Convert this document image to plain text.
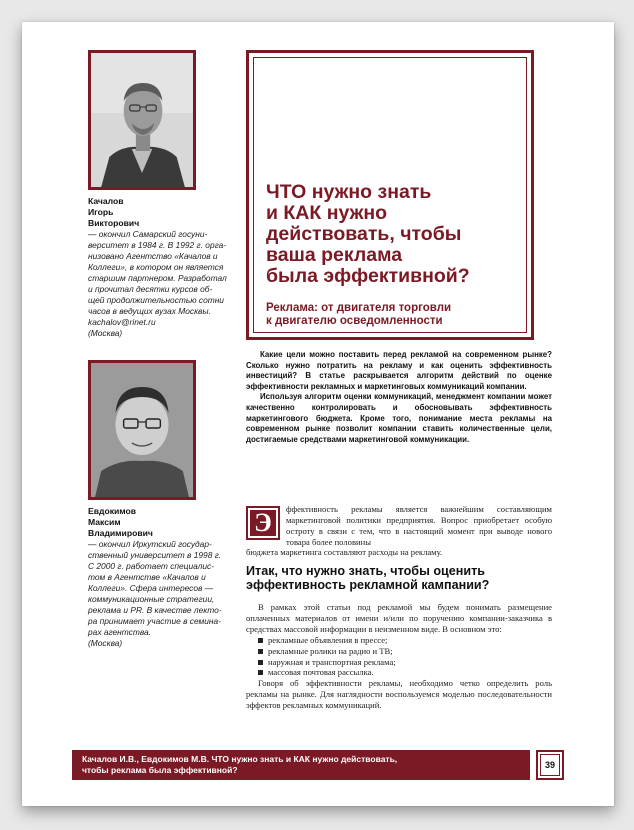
Качалов
Игорь
Викторович
— окончил Самарский госуни-
верситет в 1984 г. В 1992 г. орга-
низовано Агентство «Качалов и
Коллеги», в котором он является
старшим партнером. Разработал
и прочитал десятки курсов об-
щей продолжительностью сотни
часов в ведущих вузах Москвы.
kachalov@rinet.ru
(Москва)
Евдокимов
Максим
Владимирович
— окончил Иркутский государ-
ственный университет в 1998 г.
С 2000 г. работает специалис-
том в Агентстве «Качалов и
Коллеги». Сфера интересов —
коммуникационные стратегии,
реклама и PR. В качестве лекто-
ра принимает участие в семина-
рах агентства.
(Москва)
ЧТО нужно знать
и КАК нужно
действовать, чтобы
ваша реклама
была эффективной?
Реклама: от двигателя торговли
к двигателю осведомленности

Какие цели можно поставить перед рекламой на современном рынке? Сколько нужно потратить на рекламу и как оценить эффективность инвестиций? В статье раскрывается алгоритм действий по оценке эффективности рекламных и маркетинговых коммуникаций компании.

Используя алгоритм оценки коммуникаций, менеджмент компании может качественно контролировать и обосновывать эффективность маркетингового бюджета. Кроме того, понимание места рекламы на современном рынке позволит компании ставить количественные цели, достигаемые средствами маркетинговой коммуникации.

Э	ффективность рекламы является важнейшим составляющим маркетинговой политики предприятия. Вопрос приобретает особую остроту в связи с тем, что в настоящий момент при выводе нового товара более половины
бюджета маркетинга составляют расходы на рекламу.
Итак, что нужно знать, чтобы оценить
эффективность рекламной кампании?

В рамках этой статьи под рекламой мы будем понимать размещение оплаченных материалов от имени и/или по поручению компании-заказчика в средствах массовой информации в неизменном виде. В основном это:

рекламные объявления в прессе;
рекламные ролики на радио и ТВ;
наружная и транспортная реклама;
массовая почтовая рассылка.

Говоря об эффективности рекламы, необходимо четко определить роль рекламы на рынке. Для наглядности воспользуемся моделью последовательности эффектов рекламных коммуникаций.

Качалов И.В., Евдокимов М.В. ЧТО нужно знать и КАК нужно действовать,
чтобы реклама была эффективной?	39
